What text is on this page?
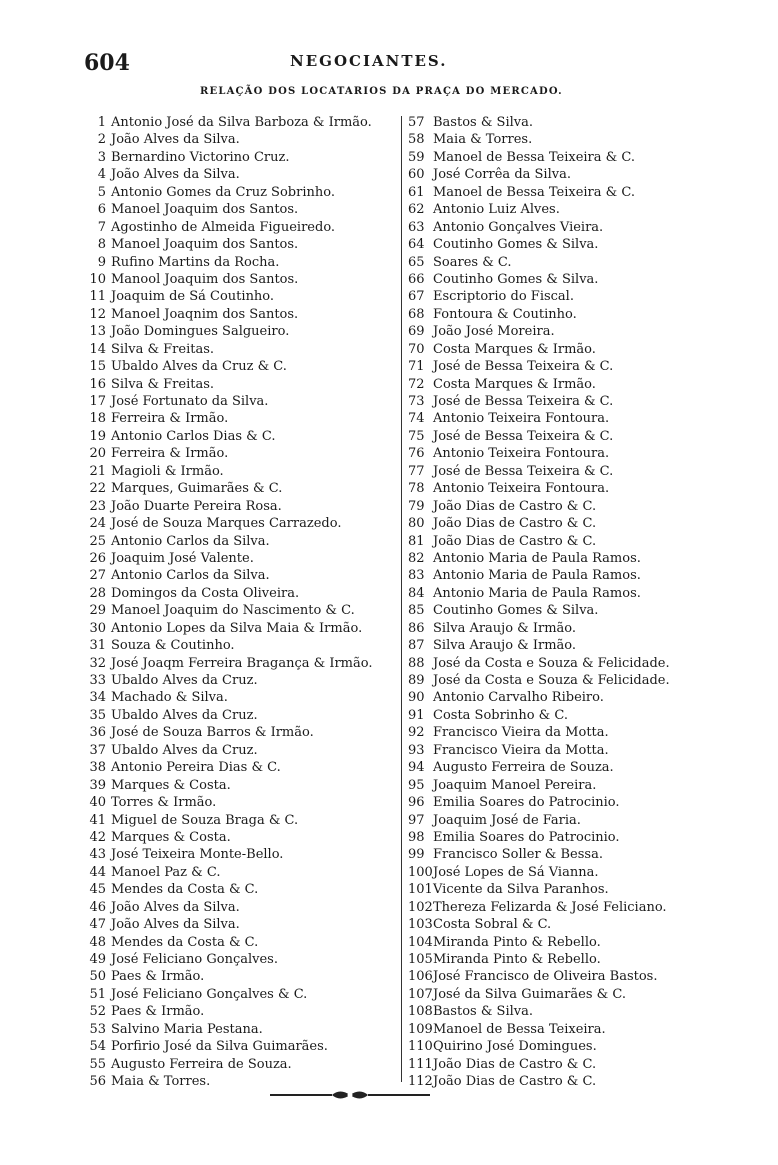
604	NEGOCIANTES.
RELAÇÃO DOS LOCATARIOS DA PRAÇA DO MERCADO.
1 Antonio José da Silva Barboza & Irmão.
2 João Alves da Silva.
3 Bernardino Victorino Cruz.
4 João Alves da Silva.
5 Antonio Gomes da Cruz Sobrinho.
6 Manoel Joaquim dos Santos.
7 Agostinho de Almeida Figueiredo.
8 Manoel Joaquim dos Santos.
9 Rufino Martins da Rocha.
10 Manool Joaquim dos Santos.
11 Joaquim de Sá Coutinho.
12 Manoel Joaqnim dos Santos.
13 João Domingues Salgueiro.
14 Silva & Freitas.
15 Ubaldo Alves da Cruz & C.
16 Silva & Freitas.
17 José Fortunato da Silva.
18 Ferreira & Irmão.
19 Antonio Carlos Dias & C.
20 Ferreira & Irmão.
21 Magioli & Irmão.
22 Marques, Guimarães & C.
23 João Duarte Pereira Rosa.
24 José de Souza Marques Carrazedo.
25 Antonio Carlos da Silva.
26 Joaquim José Valente.
27 Antonio Carlos da Silva.
28 Domingos da Costa Oliveira.
29 Manoel Joaquim do Nascimento & C.
30 Antonio Lopes da Silva Maia & Irmão.
31 Souza & Coutinho.
32 José Joaqm Ferreira Bragança & Irmão.
33 Ubaldo Alves da Cruz.
34 Machado & Silva.
35 Ubaldo Alves da Cruz.
36 José de Souza Barros & Irmão.
37 Ubaldo Alves da Cruz.
38 Antonio Pereira Dias & C.
39 Marques & Costa.
40 Torres & Irmão.
41 Miguel de Souza Braga & C.
42 Marques & Costa.
43 José Teixeira Monte-Bello.
44 Manoel Paz & C.
45 Mendes da Costa & C.
46 João Alves da Silva.
47 João Alves da Silva.
48 Mendes da Costa & C.
49 José Feliciano Gonçalves.
50 Paes & Irmão.
51 José Feliciano Gonçalves & C.
52 Paes & Irmão.
53 Salvino Maria Pestana.
54 Porfirio José da Silva Guimarães.
55 Augusto Ferreira de Souza.
56 Maia & Torres.
57 Bastos & Silva.
58 Maia & Torres.
59 Manoel de Bessa Teixeira & C.
60 José Corrêa da Silva.
61 Manoel de Bessa Teixeira & C.
62 Antonio Luiz Alves.
63 Antonio Gonçalves Vieira.
64 Coutinho Gomes & Silva.
65 Soares & C.
66 Coutinho Gomes & Silva.
67 Escriptorio do Fiscal.
68 Fontoura & Coutinho.
69 João José Moreira.
70 Costa Marques & Irmão.
71 José de Bessa Teixeira & C.
72 Costa Marques & Irmão.
73 José de Bessa Teixeira & C.
74 Antonio Teixeira Fontoura.
75 José de Bessa Teixeira & C.
76 Antonio Teixeira Fontoura.
77 José de Bessa Teixeira & C.
78 Antonio Teixeira Fontoura.
79 João Dias de Castro & C.
80 João Dias de Castro & C.
81 João Dias de Castro & C.
82 Antonio Maria de Paula Ramos.
83 Antonio Maria de Paula Ramos.
84 Antonio Maria de Paula Ramos.
85 Coutinho Gomes & Silva.
86 Silva Araujo & Irmão.
87 Silva Araujo & Irmão.
88 José da Costa e Souza & Felicidade.
89 José da Costa e Souza & Felicidade.
90 Antonio Carvalho Ribeiro.
91 Costa Sobrinho & C.
92 Francisco Vieira da Motta.
93 Francisco Vieira da Motta.
94 Augusto Ferreira de Souza.
95 Joaquim Manoel Pereira.
96 Emilia Soares do Patrocinio.
97 Joaquim José de Faria.
98 Emilia Soares do Patrocinio.
99 Francisco Soller & Bessa.
100 José Lopes de Sá Vianna.
101 Vicente da Silva Paranhos.
102 Thereza Felizarda & José Feliciano.
103 Costa Sobral & C.
104 Miranda Pinto & Rebello.
105 Miranda Pinto & Rebello.
106 José Francisco de Oliveira Bastos.
107 José da Silva Guimarães & C.
108 Bastos & Silva.
109 Manoel de Bessa Teixeira.
110 Quirino José Domingues.
111 João Dias de Castro & C.
112 João Dias de Castro & C.
